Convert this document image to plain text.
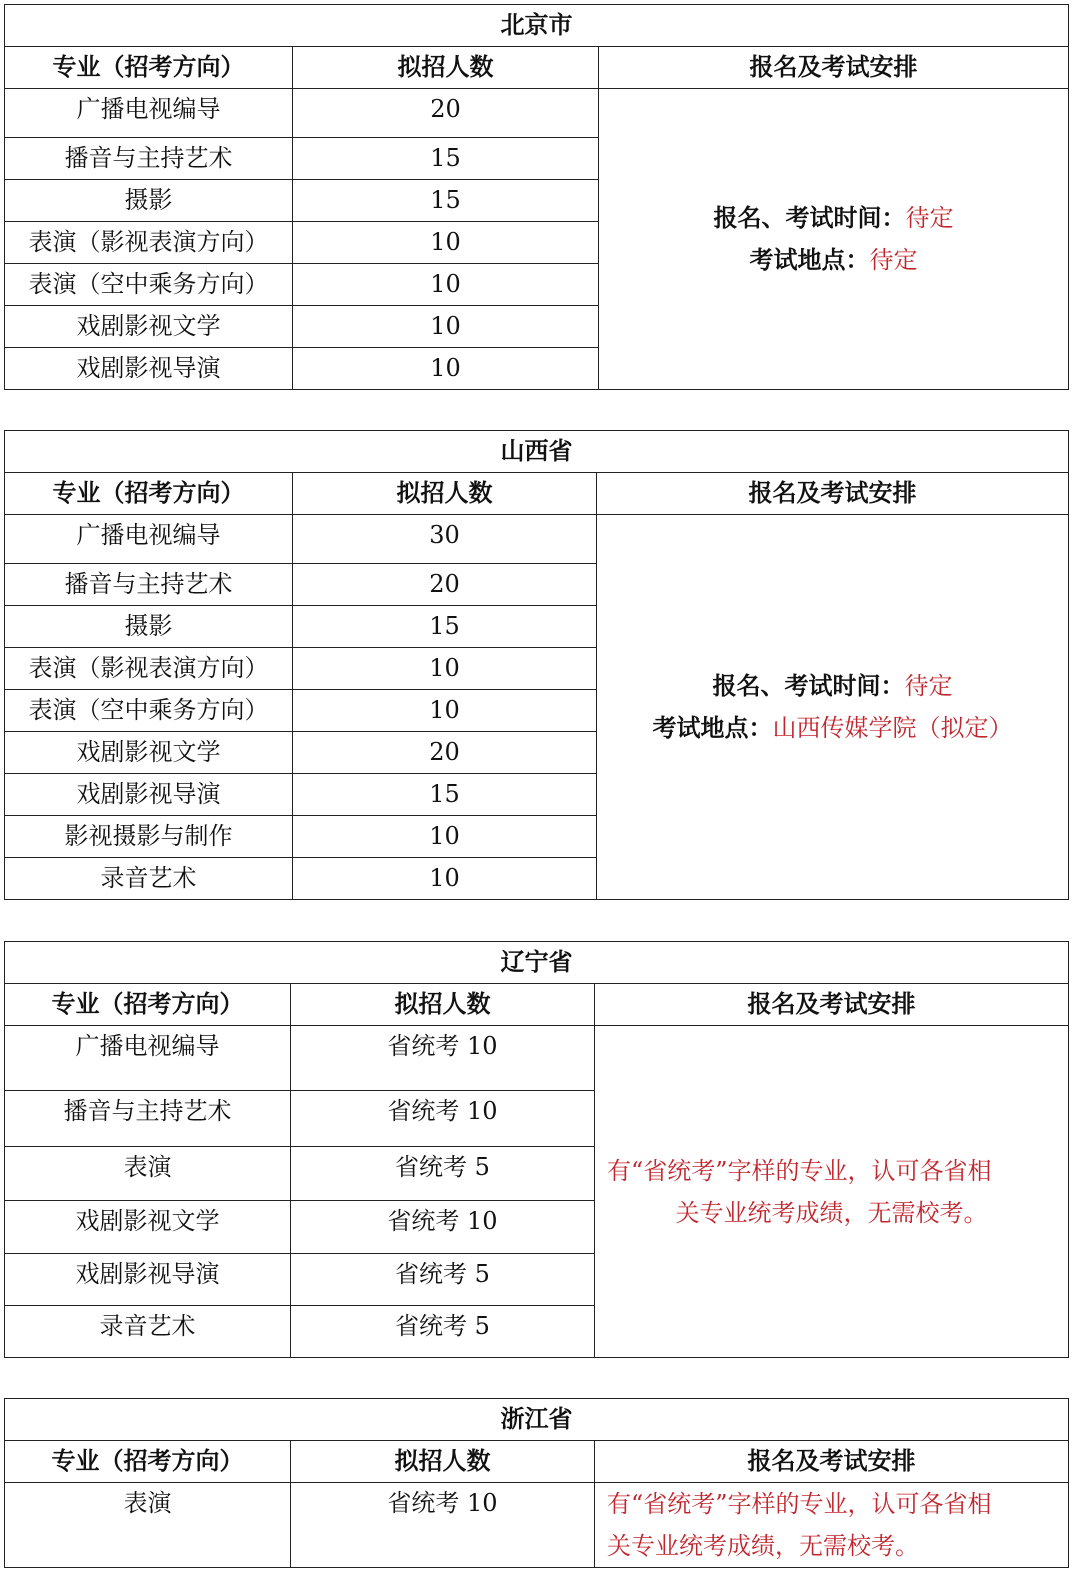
北京市		
专业（招考方向）	拟招人数	报名及考试安排
广播电视编导	20	报名、考试时间：待定
考试地点：待定

播音与主持艺术	15	
摄影	15	
表演（影视表演方向）	10	
表演（空中乘务方向）	10	
戏剧影视文学	10	
戏剧影视导演	10	
山西省		
专业（招考方向）	拟招人数	报名及考试安排
广播电视编导	30	报名、考试时间：待定
考试地点：山西传媒学院（拟定）

播音与主持艺术	20	
摄影	15	
表演（影视表演方向）	10	
表演（空中乘务方向）	10	
戏剧影视文学	20	
戏剧影视导演	15	
影视摄影与制作	10	
录音艺术	10	
辽宁省		
专业（招考方向）	拟招人数	报名及考试安排
广播电视编导	省统考 10	有“省统考”字样的专业，认可各省相
关专业统考成绩，无需校考。

播音与主持艺术	省统考 10	
表演	省统考 5	
戏剧影视文学	省统考 10	
戏剧影视导演	省统考 5	
录音艺术	省统考 5	
浙江省		
专业（招考方向）	拟招人数	报名及考试安排
表演	省统考 10	有“省统考”字样的专业，认可各省相
关专业统考成绩，无需校考。
